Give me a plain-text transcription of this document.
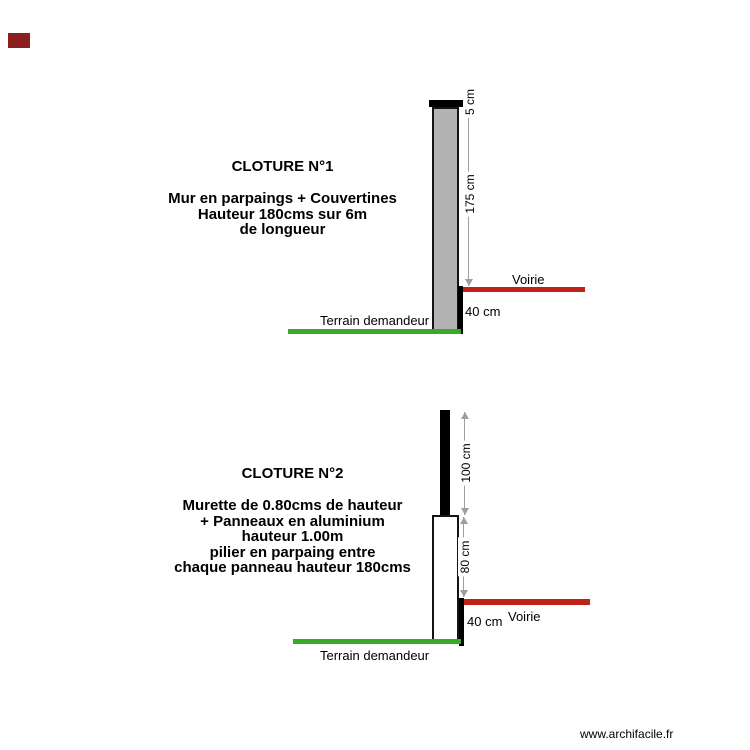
CLOTURE N°1
Mur en parpaings + Couvertines
Hauteur 180cms sur 6m
de longueur
5 cm
175 cm
Voirie
40 cm
Terrain demandeur
CLOTURE N°2
Murette de 0.80cms de hauteur
+ Panneaux en aluminium
hauteur 1.00m
pilier en parpaing entre
chaque panneau hauteur 180cms
100 cm
80 cm
Voirie
40 cm
Terrain demandeur
www.archifacile.fr
